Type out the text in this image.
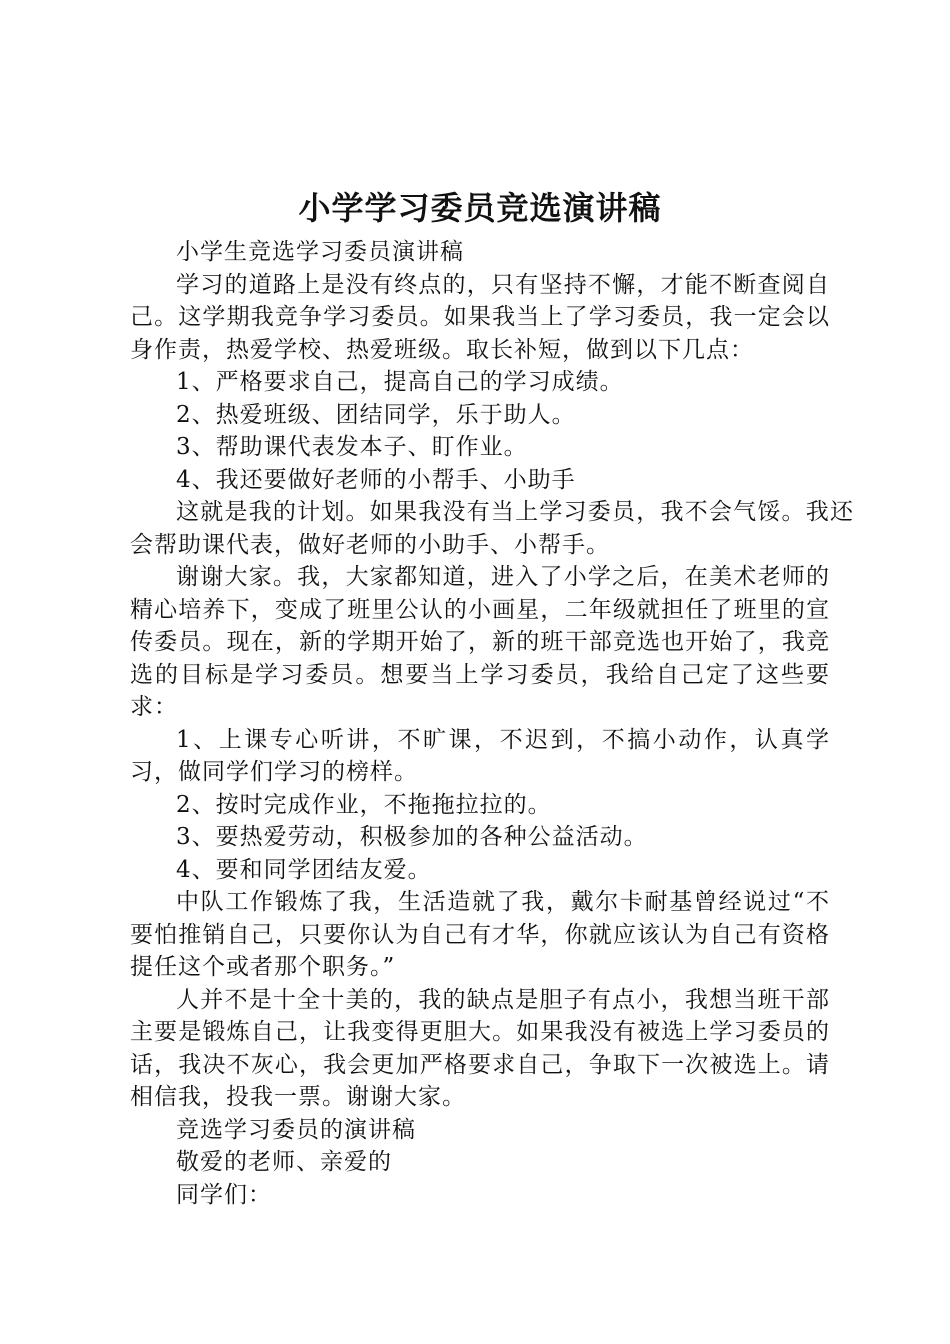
小学学习委员竞选演讲稿

小学生竞选学习委员演讲稿

学习的道路上是没有终点的，只有坚持不懈，才能不断查阅自己。这学期我竞争学习委员。如果我当上了学习委员，我一定会以身作责，热爱学校、热爱班级。取长补短，做到以下几点：

1、严格要求自己，提高自己的学习成绩。

2、热爱班级、团结同学，乐于助人。

3、帮助课代表发本子、盯作业。

4、我还要做好老师的小帮手、小助手

这就是我的计划。如果我没有当上学习委员，我不会气馁。我还会帮助课代表，做好老师的小助手、小帮手。

谢谢大家。我，大家都知道，进入了小学之后，在美术老师的精心培养下，变成了班里公认的小画星，二年级就担任了班里的宣传委员。现在，新的学期开始了，新的班干部竞选也开始了，我竞选的目标是学习委员。想要当上学习委员，我给自己定了这些要求：

1、上课专心听讲，不旷课，不迟到，不搞小动作，认真学习，做同学们学习的榜样。

2、按时完成作业，不拖拖拉拉的。

3、要热爱劳动，积极参加的各种公益活动。

4、要和同学团结友爱。

中队工作锻炼了我，生活造就了我，戴尔卡耐基曾经说过“不要怕推销自己，只要你认为自己有才华，你就应该认为自己有资格提任这个或者那个职务。”

人并不是十全十美的，我的缺点是胆子有点小，我想当班干部主要是锻炼自己，让我变得更胆大。如果我没有被选上学习委员的话，我决不灰心，我会更加严格要求自己，争取下一次被选上。请相信我，投我一票。谢谢大家。

竞选学习委员的演讲稿

敬爱的老师、亲爱的

同学们：
